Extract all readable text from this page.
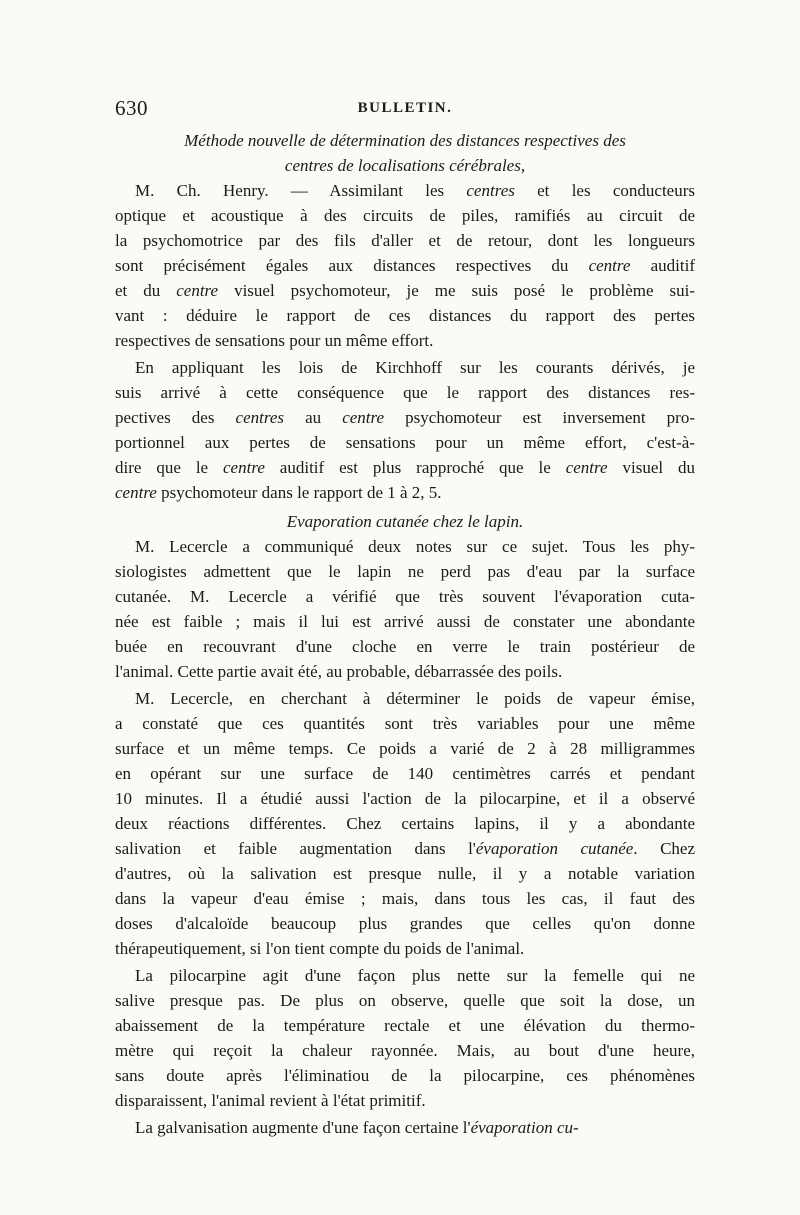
630	BULLETIN.
Méthode nouvelle de détermination des distances respectives des
centres de localisations cérébrales,
M. Ch. Henry. — Assimilant les centres et les conducteurs
optique et acoustique à des circuits de piles, ramifiés au circuit de
la psychomotrice par des fils d'aller et de retour, dont les longueurs
sont précisément égales aux distances respectives du centre auditif
et du centre visuel psychomoteur, je me suis posé le problème sui-
vant : déduire le rapport de ces distances du rapport des pertes
respectives de sensations pour un même effort.
En appliquant les lois de Kirchhoff sur les courants dérivés, je
suis arrivé à cette conséquence que le rapport des distances res-
pectives des centres au centre psychomoteur est inversement pro-
portionnel aux pertes de sensations pour un même effort, c'est-à-
dire que le centre auditif est plus rapproché que le centre visuel du
centre psychomoteur dans le rapport de 1 à 2, 5.
Evaporation cutanée chez le lapin.
M. Lecercle a communiqué deux notes sur ce sujet. Tous les phy-
siologistes admettent que le lapin ne perd pas d'eau par la surface
cutanée. M. Lecercle a vérifié que très souvent l'évaporation cuta-
née est faible ; mais il lui est arrivé aussi de constater une abondante
buée en recouvrant d'une cloche en verre le train postérieur de
l'animal. Cette partie avait été, au probable, débarrassée des poils.
M. Lecercle, en cherchant à déterminer le poids de vapeur émise,
a constaté que ces quantités sont très variables pour une même
surface et un même temps. Ce poids a varié de 2 à 28 milligrammes
en opérant sur une surface de 140 centimètres carrés et pendant
10 minutes. Il a étudié aussi l'action de la pilocarpine, et il a observé
deux réactions différentes. Chez certains lapins, il y a abondante
salivation et faible augmentation dans l'évaporation cutanée. Chez
d'autres, où la salivation est presque nulle, il y a notable variation
dans la vapeur d'eau émise ; mais, dans tous les cas, il faut des
doses d'alcaloïde beaucoup plus grandes que celles qu'on donne
thérapeutiquement, si l'on tient compte du poids de l'animal.
La pilocarpine agit d'une façon plus nette sur la femelle qui ne
salive presque pas. De plus on observe, quelle que soit la dose, un
abaissement de la température rectale et une élévation du thermo-
mètre qui reçoit la chaleur rayonnée. Mais, au bout d'une heure,
sans doute après l'éliminatiou de la pilocarpine, ces phénomènes
disparaissent, l'animal revient à l'état primitif.
La galvanisation augmente d'une façon certaine l'évaporation cu-
